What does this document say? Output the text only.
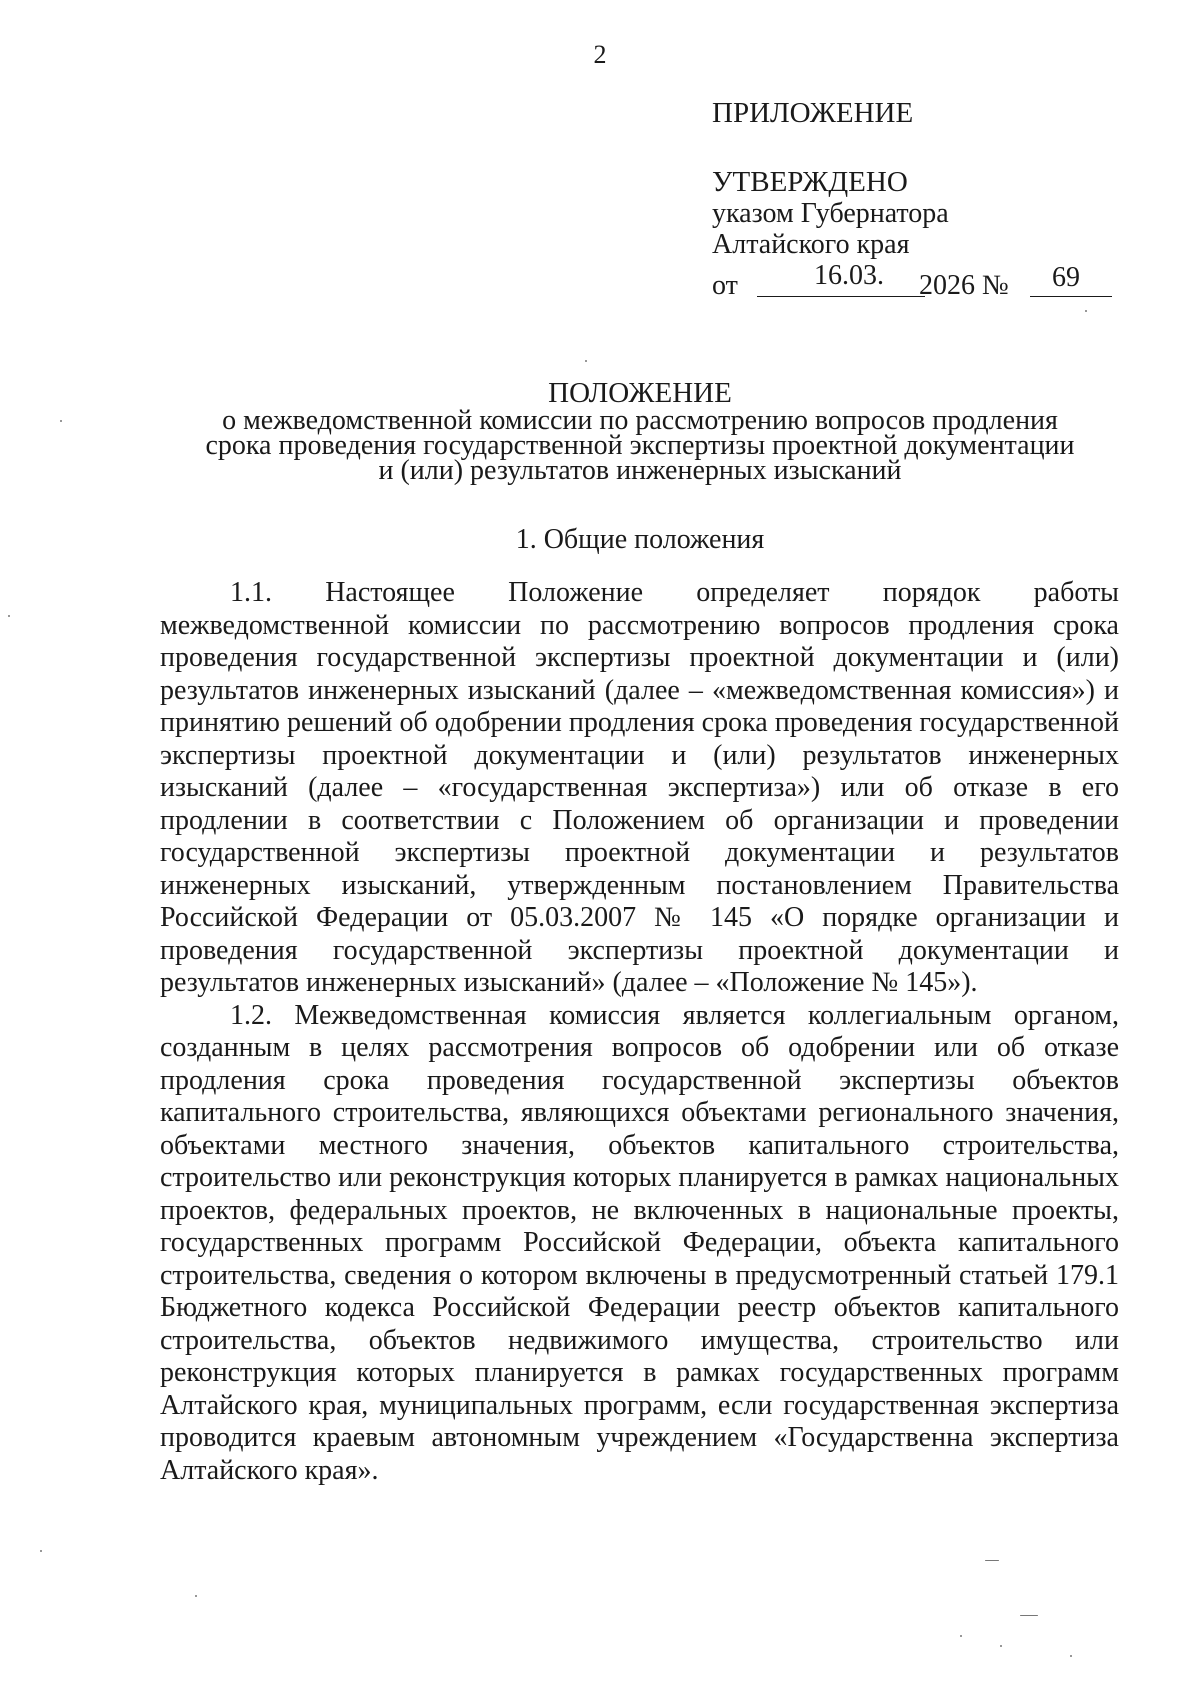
2
ПРИЛОЖЕНИЕ
УТВЕРЖДЕНО
указом Губернатора
Алтайского края
от	16.03. 2026 № 69
ПОЛОЖЕНИЕ
о межведомственной комиссии по рассмотрению вопросов продления
срока проведения государственной экспертизы проектной документации
и (или) результатов инженерных изысканий
1. Общие положения

1.1. Настоящее Положение определяет порядок работы межведомственной комиссии по рассмотрению вопросов продления срока проведения государственной экспертизы проектной документации и (или) результатов инженерных изысканий (далее – «межведомственная комиссия») и принятию решений об одобрении продления срока проведения государственной экспертизы проектной документации и (или) результатов инженерных изысканий (далее – «государственная экспертиза») или об отказе в его продлении в соответствии с Положением об организации и проведении государственной экспертизы проектной документации и результатов инженерных изысканий, утвержденным постановлением Правительства Российской Федерации от 05.03.2007 № 145 «О порядке организации и проведения государственной экспертизы проектной документации и результатов инженерных изысканий» (далее – «Положение № 145»).

1.2. Межведомственная комиссия является коллегиальным органом, созданным в целях рассмотрения вопросов об одобрении или об отказе продления срока проведения государственной экспертизы объектов капитального строительства, являющихся объектами регионального значения, объектами местного значения, объектов капитального строительства, строительство или реконструкция которых планируется в рамках национальных проектов, федеральных проектов, не включенных в национальные проекты, государственных программ Российской Федерации, объекта капитального строительства, сведения о котором включены в предусмотренный статьей 179.1 Бюджетного кодекса Российской Федерации реестр объектов капитального строительства, объектов недвижимого имущества, строительство или реконструкция которых планируется в рамках государственных программ Алтайского края, муниципальных программ, если государственная экспертиза проводится краевым автономным учреждением «Государственна экспертиза Алтайского края».
